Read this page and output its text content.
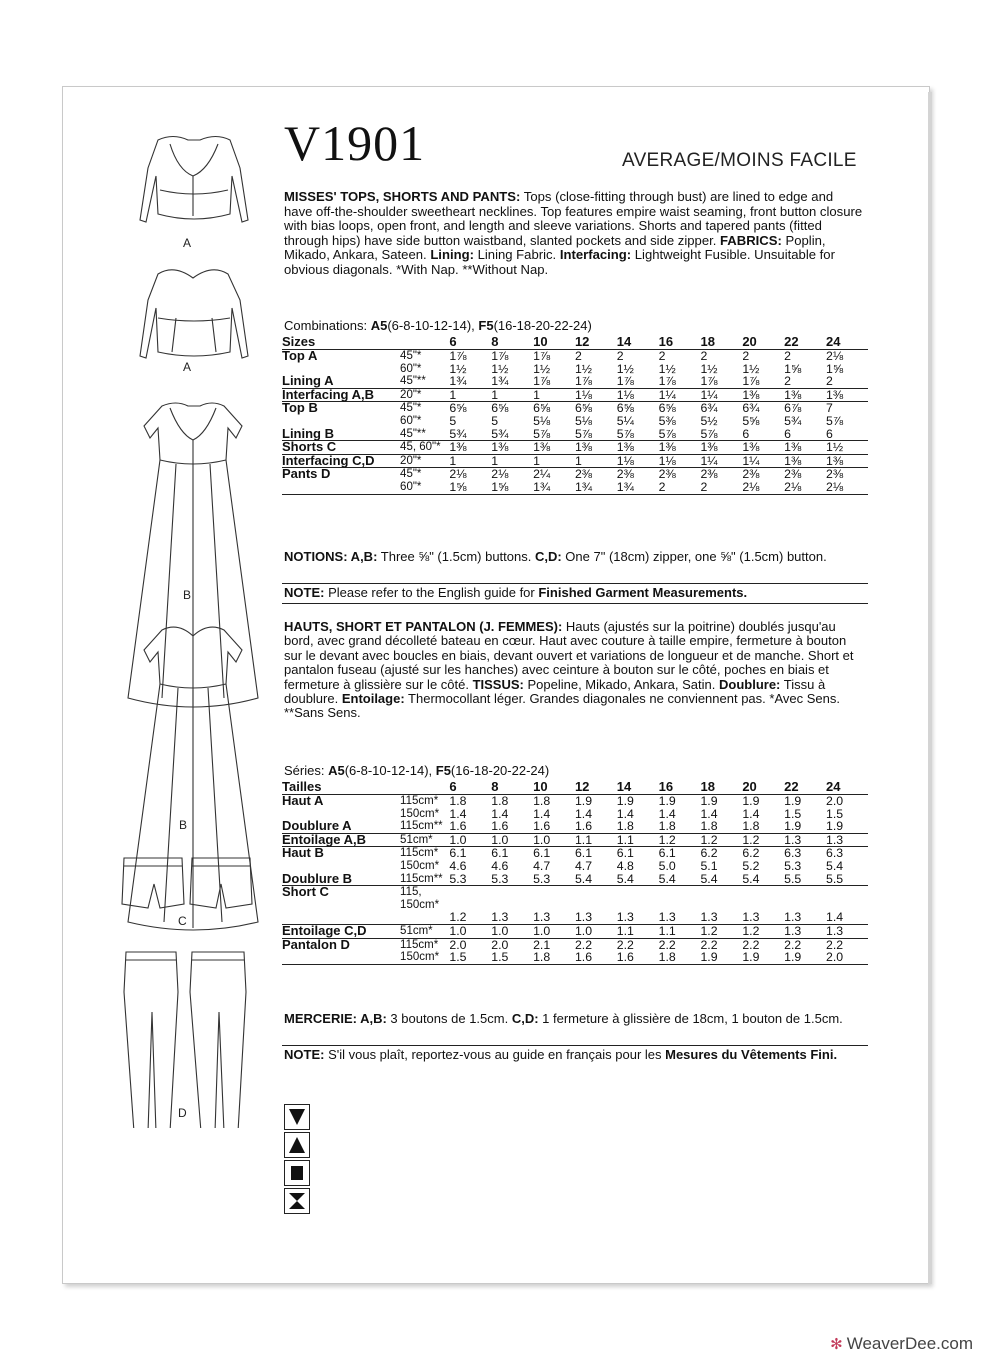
V1901	AVERAGE/MOINS FACILE
MISSES' TOPS, SHORTS AND PANTS: Tops (close-fitting through bust) are lined to edge and have off-the-shoulder sweetheart necklines. Top features empire waist seaming, front button closure with bias loops, open front, and length and sleeve variations. Shorts and tapered pants (fitted through hips) have side button waistband, slanted pockets and side zipper. FABRICS: Poplin, Mikado, Ankara, Sateen. Lining: Lining Fabric. Interfacing: Lightweight Fusible. Unsuitable for obvious diagonals. *With Nap. **Without Nap.
Combinations: A5(6-8-10-12-14), F5(16-18-20-22-24)
Sizes		6	8	10	12	14	16	18	20	22	24
Top A	45"*	1⅞	1⅞	1⅞	2	2	2	2	2	2	2⅛
	60"*	1½	1½	1½	1½	1½	1½	1½	1½	1⅝	1⅝
Lining A	45"**	1¾	1¾	1⅞	1⅞	1⅞	1⅞	1⅞	1⅞	2	2
Interfacing A,B	20"*	1	1	1	1⅛	1⅛	1¼	1¼	1⅜	1⅜	1⅜
Top B	45"*	6⅝	6⅝	6⅝	6⅝	6⅝	6⅝	6¾	6¾	6⅞	7
	60"*	5	5	5⅛	5⅛	5¼	5⅜	5½	5⅝	5¾	5⅞
Lining B	45"**	5¾	5¾	5⅞	5⅞	5⅞	5⅞	5⅞	6	6	6
Shorts C	45, 60"*	1⅜	1⅜	1⅜	1⅜	1⅜	1⅜	1⅜	1⅜	1⅜	1½
Interfacing C,D	20"*	1	1	1	1	1⅛	1⅛	1¼	1¼	1⅜	1⅜
Pants D	45"*	2⅛	2⅛	2¼	2⅜	2⅜	2⅜	2⅜	2⅜	2⅜	2⅜
	60"*	1⅝	1⅝	1¾	1¾	1¾	2	2	2⅛	2⅛	2⅛
NOTIONS: A,B: Three ⅝" (1.5cm) buttons. C,D: One 7" (18cm) zipper, one ⅝" (1.5cm) button.
NOTE: Please refer to the English guide for Finished Garment Measurements.
HAUTS, SHORT ET PANTALON (J. FEMMES): Hauts (ajustés sur la poitrine) doublés jusqu'au bord, avec grand décolleté bateau en cœur. Haut avec couture à taille empire, fermeture à bouton sur le devant avec boucles en biais, devant ouvert et variations de longueur et de manche. Short et pantalon fuseau (ajusté sur les hanches) avec ceinture à bouton sur le côté, poches en biais et fermeture à glissière sur le côté. TISSUS: Popeline, Mikado, Ankara, Satin. Doublure: Tissu à doublure. Entoilage: Thermocollant léger. Grandes diagonales ne conviennent pas. *Avec Sens. **Sans Sens.
Séries: A5(6-8-10-12-14), F5(16-18-20-22-24)
Tailles		6	8	10	12	14	16	18	20	22	24
Haut A	115cm*	1.8	1.8	1.8	1.9	1.9	1.9	1.9	1.9	1.9	2.0
	150cm*	1.4	1.4	1.4	1.4	1.4	1.4	1.4	1.4	1.5	1.5
Doublure A	115cm**	1.6	1.6	1.6	1.6	1.8	1.8	1.8	1.8	1.9	1.9
Entoilage A,B	51cm*	1.0	1.0	1.0	1.1	1.1	1.2	1.2	1.2	1.3	1.3
Haut B	115cm*	6.1	6.1	6.1	6.1	6.1	6.1	6.2	6.2	6.3	6.3
	150cm*	4.6	4.6	4.7	4.7	4.8	5.0	5.1	5.2	5.3	5.4
Doublure B	115cm**	5.3	5.3	5.3	5.4	5.4	5.4	5.4	5.4	5.5	5.5
Short C	115, 150cm*										
		1.2	1.3	1.3	1.3	1.3	1.3	1.3	1.3	1.3	1.4
Entoilage C,D	51cm*	1.0	1.0	1.0	1.0	1.1	1.1	1.2	1.2	1.3	1.3
Pantalon D	115cm*	2.0	2.0	2.1	2.2	2.2	2.2	2.2	2.2	2.2	2.2
	150cm*	1.5	1.5	1.8	1.6	1.6	1.8	1.9	1.9	1.9	2.0
MERCERIE: A,B: 3 boutons de 1.5cm. C,D: 1 fermeture à glissière de 18cm, 1 bouton de 1.5cm.
NOTE: S'il vous plaît, reportez-vous au guide en français pour les Mesures du Vêtements Fini.
A
A
B
B
C
D
✻ WeaverDee.com
